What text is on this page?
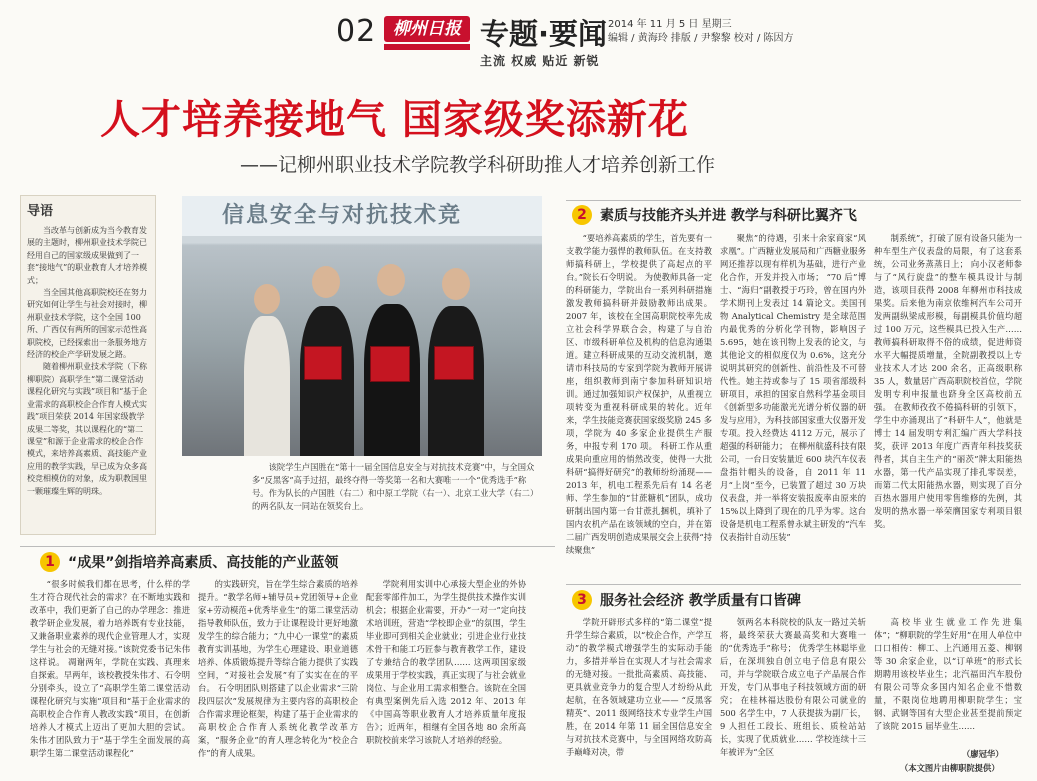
02 柳州日报 专题·要闻
主流 权威 贴近 新锐
2014 年 11 月 5 日 星期三
编辑 / 黄海玲 排版 / 尹黎黎 校对 / 陈因方
人才培养接地气 国家级奖添新花
——记柳州职业技术学院教学科研助推人才培养创新工作
导语

当改革与创新成为当今教育发展的主题时，柳州职业技术学院已经用自己的国家级成果做到了一套“接地气”的职业教育人才培养模式；

当全国其他高职院校还在努力研究如何让学生与社会对接时，柳州职业技术学院，这个全国 100 所、广西仅有两所的国家示范性高职院校，已经探索出一条服务地方经济的校企产学研发展之路。

随着柳州职业技术学院（下称柳职院）高职学生“第二课堂活动课程化研究与实践”项目和“基于企业需求的高职校企合作育人模式实践”项目荣获 2014 年国家级教学成果二等奖，其以课程化的“第二课堂”和源于企业需求的校企合作模式，来培养高素质、高技能产业应用的教学实践，早已成为众多高校竞相模仿的对象，成为职教国里一颗璀璨生辉的明珠。

信息安全与对抗技术竞
该院学生卢国胜在“第十一届全国信息安全与对抗技术竞赛”中，与全国众多“反黑客”高手过招，最终夺得一等奖第一名和大赛唯一一个“优秀选手”称号。作为队长的卢国胜（右二）和中原工学院（右一）、北京工业大学（右二）的两名队友一同站在领奖台上。
2 素质与技能齐头并进 教学与科研比翼齐飞

“要培养高素质的学生，首先要有一支教学能力强悍的教师队伍。在支持教师搞科研上，学校提供了高起点的平台。”院长石令明说。 为使教师具备一定的科研能力，学院出台一系列科研措施激发教师搞科研并鼓励教师出成果。2007 年，该校在全国高职院校率先成立社会科学界联合会，构建了与自治区、市级科研单位及机构的信息沟通渠道。建立科研成果的互动交流机制，邀请市科技局的专家到学院为教师开展讲座，组织教师到南宁参加科研知识培训。通过加强知识产权保护，从重视立项转变为重视科研成果的转化。近年来，学生技能竞赛获国家级奖励 245 多项，学院为 40 多家企业提供生产服务，申报专利 170 项。 科研工作从重成果向重应用的悄然改变，使得一大批科研“搞得好研究”的教师纷纷涌现—— 2013 年，机电工程系先后有 14 名老师、学生参加的“甘蔗糖机”团队，成功研制出国内第一台甘蔗扎捆机，填补了国内农机产品在该领域的空白，并在第二届广西发明创造成果展交会上获得“持续聚焦”

聚焦”的待遇，引来十余家商家“风求凰”。广西糖业发展局和广西糖业服务网还推荐以现有样机为基础，进行产业化合作，开发并投入市场； “70 后”博士、“海归”副教授于巧玲，曾在国内外学术期刊上发表过 14 篇论文。美国刊物 Analytical Chemistry 是全球范围内最优秀的分析化学刊物，影响因子 5.695，她在该刊物上发表的论文，与其他论文的相似度仅为 0.6%，这充分说明其研究的创新性、前沿性及不可替代性。她主持或参与了 15 项省部级科研项目，承担的国家自然科学基金项目《创新型多功能激光光谱分析仪器的研发与应用》，为科技部国家重大仪器开发专项。投入经费达 4112 万元，展示了超强的科研能力； 在柳州航盛科技有限公司，一台日安装量近 600 块汽车仪表盘指针帽头的设备，自 2011 年 11 月“上岗”至今，已装置了超过 30 万块仪表盘，并一举将安装报废率由原来的 15%以上降到了现在的几乎为零。这台设备是机电工程系曾永斌主研发的“汽车仪表指针自动压装”

制系统”，打破了原有设备只能为一种车型生产仪表盘的局限，有了这套系统，公司业务蒸蒸日上； 向小汉老师参与了“风行旋盘”的整车模具设计与制造，该项目获得 2008 年柳州市科技成果奖。后来他为南京依维柯汽车公司开发两副纵梁成形模，每副模具价值均超过 100 万元，这些模具已投入生产…… 教师搞科研取得不俗的成绩，促进师资水平大幅提质增量，全院副教授以上专业技术人才达 200 余名，正高级职称 35 人，数量居广西高职院校首位，学院发明专利申报量也跻身全区高校前五强。 在教师孜孜不倦搞科研的引领下，学生中亦涌现出了“科研牛人”，他就是博士 14 届发明专利汇编广西大学科技奖，获评 2013 年度广西青年科技奖获得者，其自主生产的“丽茨”牌太阳能热水器，第一代产品实现了排孔零误差，而第二代太阳能热水器，则实现了百分百热水器用户使用零售维修的先例，其发明的热水器一举荣膺国家专利项目银奖。

1 “成果”剑指培养高素质、高技能的产业蓝领

“很多时候我们都在思考，什么样的学生才符合现代社会的需求？在不断地实践和改革中，我们更新了自己的办学理念：推进教学研企业发展，着力培养既有专业技能，又兼备职业素养的现代企业管理人才，实现学生与社会的无缝对接。”该院党委书记朱伟这样说。 凋谢两年，学院在实践、真理来自探索。早两年，该校教授朱伟才、石令明分别牵头，设立了“高职学生第二课堂活动课程化研究与实施”项目和“基于企业需求的高职校企合作育人教改实践”项目，在创新培养人才模式上迈出了更加大胆的尝试。 朱伟才团队致力于“基于学生全面发展的高职学生第二课堂活动课程化”

的实践研究，旨在学生综合素质的培养提升。“教学名师+辅导员+党团领导+企业家+劳动模范+优秀毕业生”的第二课堂活动指导教师队伍，致力于让课程设计更好地激发学生的综合能力；“九中心一课堂”的素质教育实训基地，为学生心理建设、职业道德培养、体质锻炼提升等综合能力提供了实践空间，“对接社会发展”有了实实在在的平台。 石令明团队则搭建了以企业需求“三阶段四层次”发展规律为主要内容的高职校企合作需求理论框架，构建了基于企业需求的高职校企合作育人系统化教学改革方案，“服务企业”的育人理念转化为“校企合作”的育人成果。

学院利用实训中心承接大型企业的外协配套零部件加工，为学生提供技术操作实训机会；根据企业需要，开办“一对一”定向技术培训班，营造“学校即企业”的氛围，学生毕业即可到相关企业就业；引进企业行业技术骨干和能工巧匠参与教育教学工作，建设了专兼结合的教学团队…… 这两项国家级成果用于学校实践，真正实现了与社会就业岗位、与企业用工需求相整合。该院在全国有典型案例先后入选 2012 年、2013 年《中国高等职业教育人才培养质量年度报告》；近两年，相继有全国各地 80 余所高职院校前来学习该院人才培养的经验。

3 服务社会经济 教学质量有口皆碑

学院开辟形式多样的“第二课堂”提升学生综合素质，以“校企合作，产学互动”的教学模式增强学生的实际动手能力，多措并举旨在实现人才与社会需求的无缝对接。一批批高素质、高技能、更具就业竞争力的复合型人才纷纷从此起航，在各领域建功立业—— “反黑客精英”、2011 级网络技术专业学生卢国胜，在 2014 年第 11 届全国信息安全与对抗技术竞赛中，与全国网络攻防高手巅峰对决，带

领两名本科院校的队友一路过关斩将，最终荣获大赛最高奖和大赛唯一的“优秀选手”称号； 优秀学生林聪毕业后，在深圳独自创立电子信息有限公司，并与学院联合成立电子产品展合作开发，专门从事电子科技领域方面的研究； 在桂林福达股份有限公司就业的 500 名学生中，7 人获提拔为副厂长，9 人担任工段长、班组长、质检站站长，实现了优质就业…… 学校连续十三年被评为“全区

高校毕业生就业工作先进集体”；“柳职院的学生好用”在用人单位中口口相传：柳工、上汽通用五菱、柳钢等 30 余家企业，以“订单班”的形式长期聘用该校毕业生；北汽福田汽车股份有限公司等众多国内知名企业不惜数量，不限岗位地聘用柳职院学生；宝钢、武钢等国有大型企业甚至提前预定了该院 2015 届毕业生……

（廖冠华）
（本文图片由柳职院提供）
